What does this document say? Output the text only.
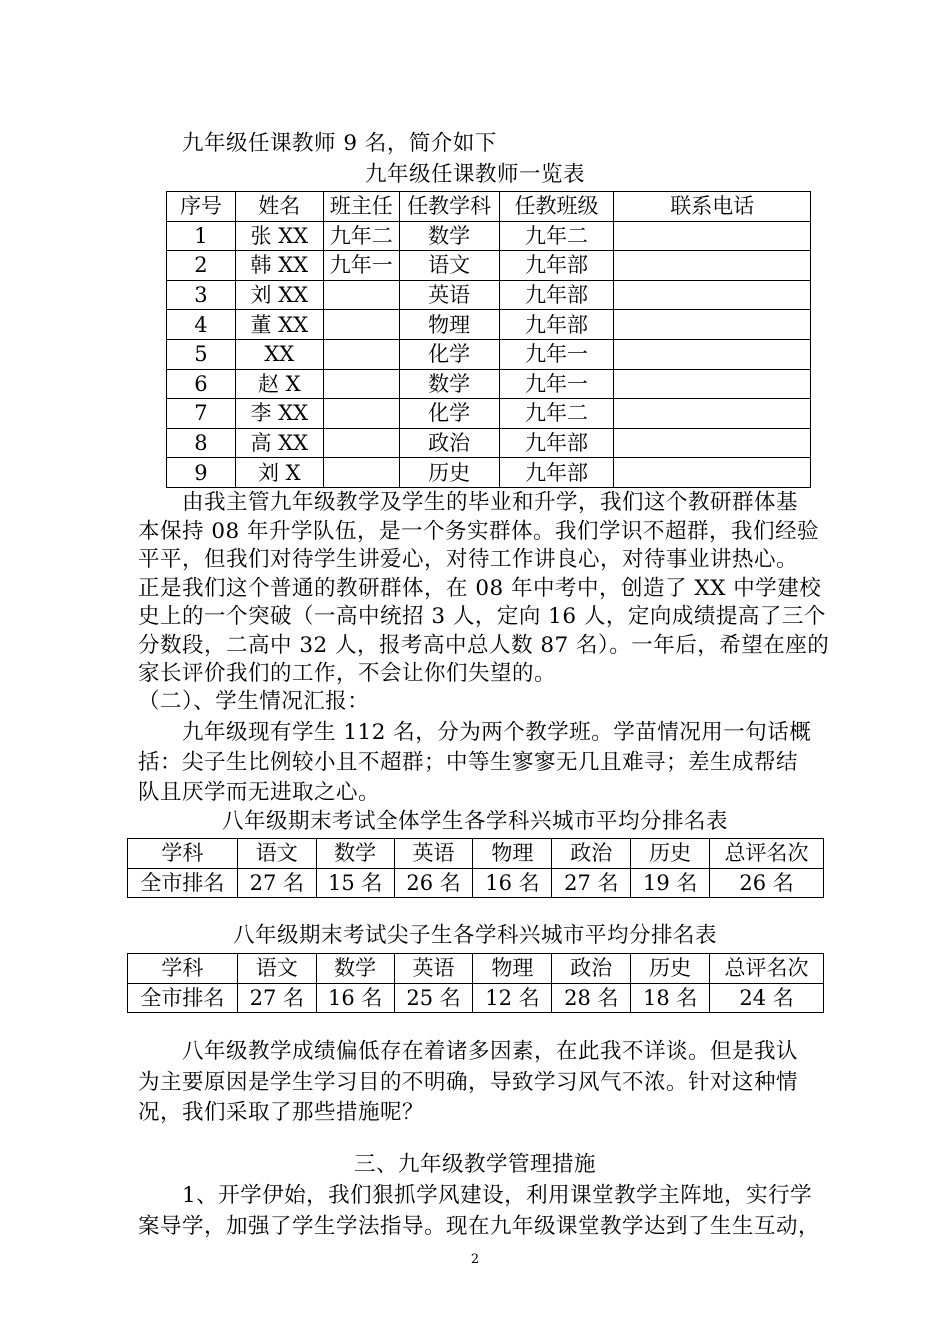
九年级任课教师 9 名，简介如下
九年级任课教师一览表
序号	姓名	班主任	任教学科	任教班级	联系电话
1	张 XX	九年二	数学	九年二	
2	韩 XX	九年一	语文	九年部	
3	刘 XX		英语	九年部	
4	董 XX		物理	九年部	
5	XX		化学	九年一	
6	赵 X		数学	九年一	
7	李 XX		化学	九年二	
8	高 XX		政治	九年部	
9	刘 X		历史	九年部	
由我主管九年级教学及学生的毕业和升学，我们这个教研群体基
本保持 08 年升学队伍，是一个务实群体。我们学识不超群，我们经验
平平，但我们对待学生讲爱心，对待工作讲良心，对待事业讲热心。
正是我们这个普通的教研群体，在 08 年中考中，创造了 XX 中学建校
史上的一个突破（一高中统招 3 人，定向 16 人，定向成绩提高了三个
分数段，二高中 32 人，报考高中总人数 87 名）。一年后，希望在座的
家长评价我们的工作，不会让你们失望的。
（二）、学生情况汇报：
九年级现有学生 112 名，分为两个教学班。学苗情况用一句话概
括：尖子生比例较小且不超群；中等生寥寥无几且难寻；差生成帮结
队且厌学而无进取之心。
八年级期末考试全体学生各学科兴城市平均分排名表
学科	语文	数学	英语	物理	政治	历史	总评名次
全市排名	27 名	15 名	26 名	16 名	27 名	19 名	26 名
八年级期末考试尖子生各学科兴城市平均分排名表
学科	语文	数学	英语	物理	政治	历史	总评名次
全市排名	27 名	16 名	25 名	12 名	28 名	18 名	24 名
八年级教学成绩偏低存在着诸多因素，在此我不详谈。但是我认
为主要原因是学生学习目的不明确，导致学习风气不浓。针对这种情
况，我们采取了那些措施呢？
三、九年级教学管理措施
1、开学伊始，我们狠抓学风建设，利用课堂教学主阵地，实行学
案导学，加强了学生学法指导。现在九年级课堂教学达到了生生互动，
2
